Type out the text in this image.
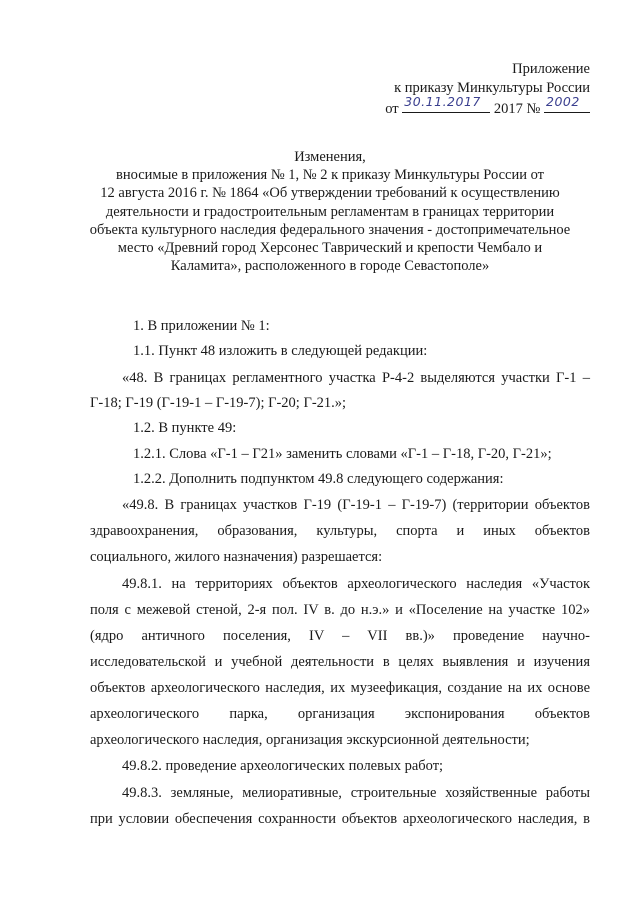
Приложение
к приказу Минкультуры России
от 30.11.2017 2017 № 2002
Изменения,
вносимые в приложения № 1, № 2 к приказу Минкультуры России от
12 августа 2016 г. № 1864 «Об утверждении требований к осуществлению
деятельности и градостроительным регламентам в границах территории
объекта культурного наследия федерального значения - достопримечательное
место «Древний город Херсонес Таврический и крепости Чембало и
Каламита», расположенного в городе Севастополе»
1. В приложении № 1:
1.1. Пункт 48 изложить в следующей редакции:
«48. В границах регламентного участка Р-4-2 выделяются участки Г-1 –
Г-18; Г-19 (Г-19-1 – Г-19-7); Г-20; Г-21.»;
1.2. В пункте 49:
1.2.1. Слова «Г-1 – Г21» заменить словами «Г-1 – Г-18, Г-20, Г-21»;
1.2.2. Дополнить подпунктом 49.8 следующего содержания:
«49.8. В границах участков Г-19 (Г-19-1 – Г-19-7) (территории объектов
здравоохранения, образования, культуры, спорта и иных объектов
социального, жилого назначения) разрешается:
49.8.1. на территориях объектов археологического наследия «Участок
поля с межевой стеной, 2-я пол. IV в. до н.э.» и «Поселение на участке 102»
(ядро античного поселения, IV – VII вв.)» проведение научно-
исследовательской и учебной деятельности в целях выявления и изучения
объектов археологического наследия, их музеефикация, создание на их основе
археологического парка, организация экспонирования объектов
археологического наследия, организация экскурсионной деятельности;
49.8.2. проведение археологических полевых работ;
49.8.3. земляные, мелиоративные, строительные хозяйственные работы
при условии обеспечения сохранности объектов археологического наследия, в
